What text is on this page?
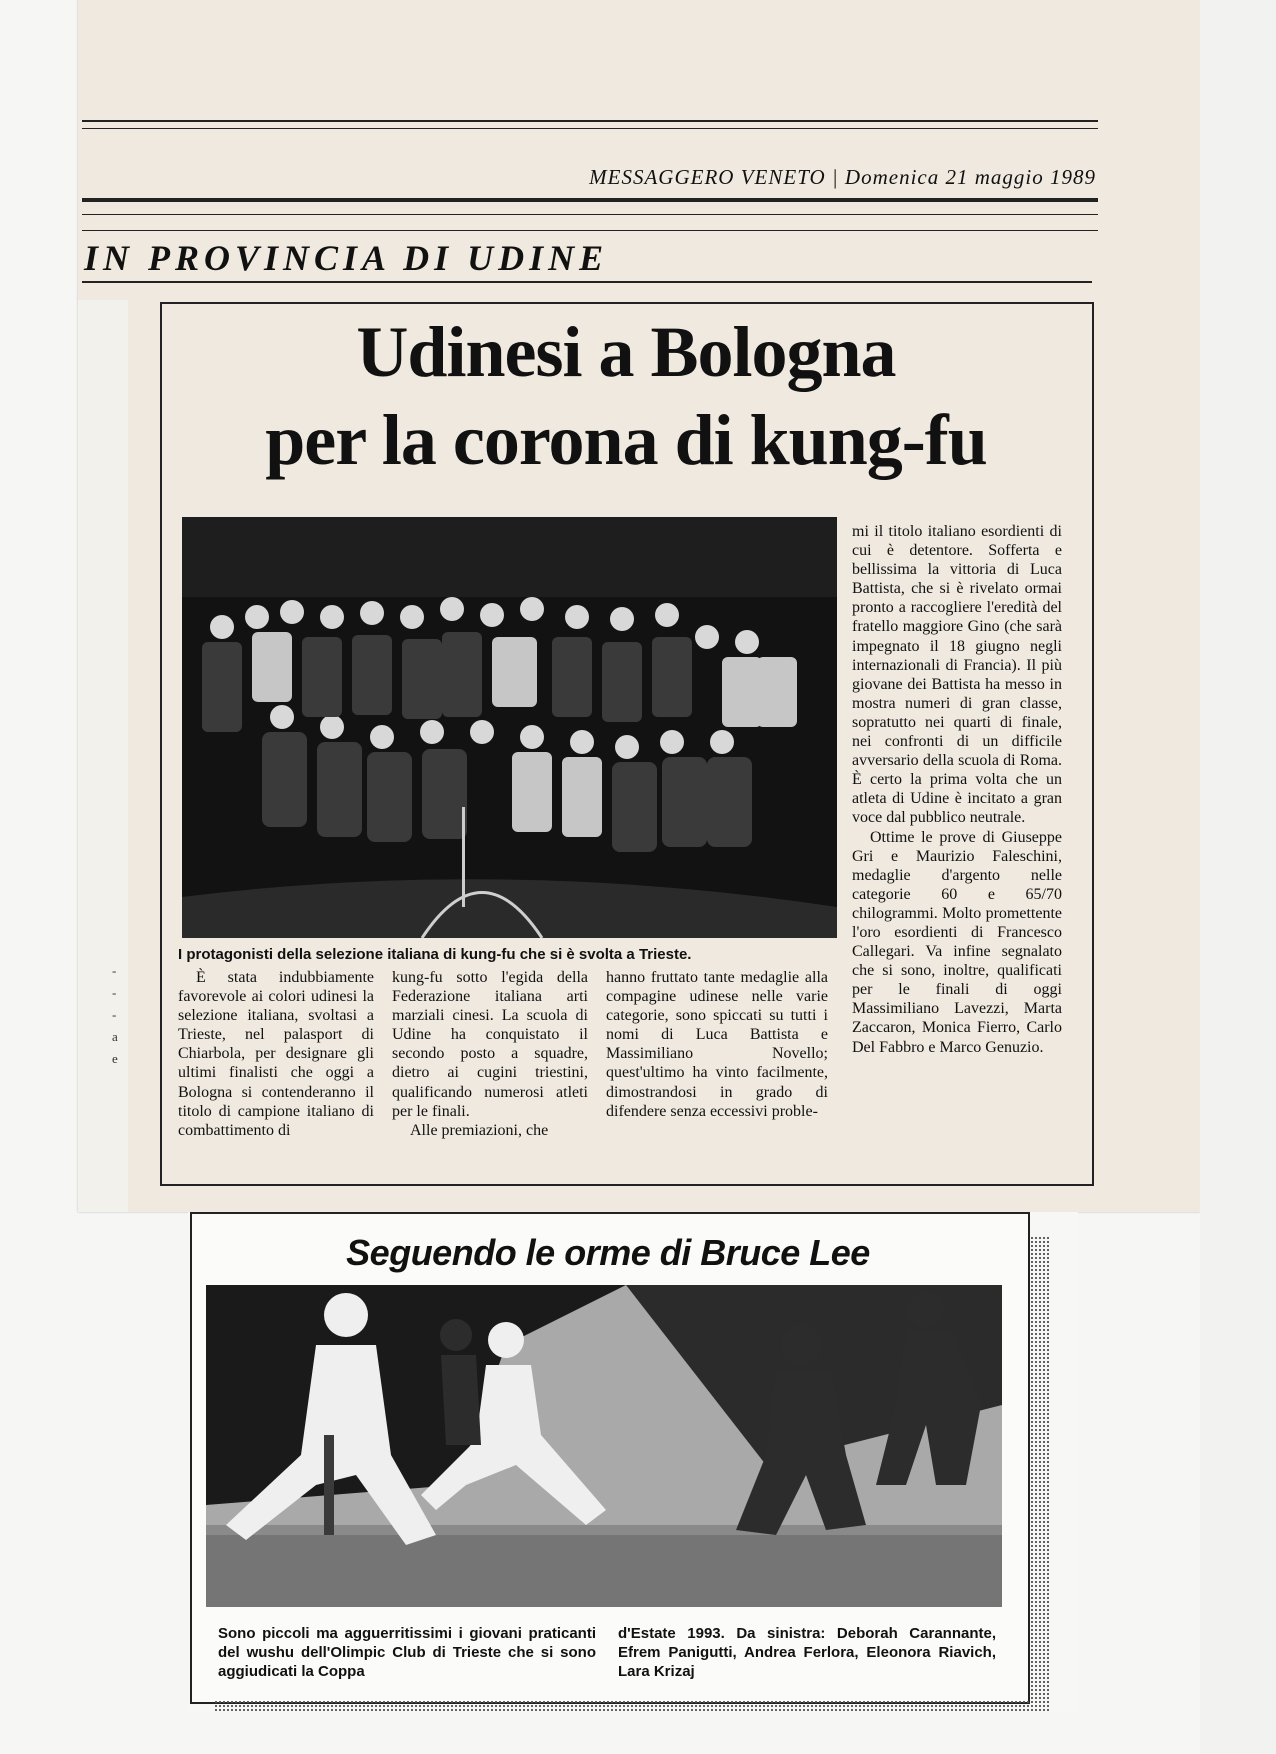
MESSAGGERO VENETO | Domenica 21 maggio 1989
IN PROVINCIA DI UDINE
Udinesi a Bologna
per la corona di kung-fu
I protagonisti della selezione italiana di kung-fu che si è svolta a Trieste.

È stata indubbiamente favorevole ai colori udinesi la selezione italiana, svoltasi a Trieste, nel palasport di Chiarbola, per designare gli ultimi finalisti che oggi a Bologna si contenderanno il titolo di campione italiano di combattimento di

kung-fu sotto l'egida della Federazione italiana arti marziali cinesi. La scuola di Udine ha conquistato il secondo posto a squadre, dietro ai cugini triestini, qualificando numerosi atleti per le finali.

Alle premiazioni, che

hanno fruttato tante medaglie alla compagine udinese nelle varie categorie, sono spiccati su tutti i nomi di Luca Battista e Massimiliano Novello; quest'ultimo ha vinto facilmente, dimostrandosi in grado di difendere senza eccessivi proble-

mi il titolo italiano esordienti di cui è detentore. Sofferta e bellissima la vittoria di Luca Battista, che si è rivelato ormai pronto a raccogliere l'eredità del fratello maggiore Gino (che sarà impegnato il 18 giugno negli internazionali di Francia). Il più giovane dei Battista ha messo in mostra numeri di gran classe, sopratutto nei quarti di finale, nei confronti di un difficile avversario della scuola di Roma. È certo la prima volta che un atleta di Udine è incitato a gran voce dal pubblico neutrale.

Ottime le prove di Giuseppe Gri e Maurizio Faleschini, medaglie d'argento nelle categorie 60 e 65/70 chilogrammi. Molto promettente l'oro esordienti di Francesco Callegari. Va infine segnalato che si sono, inoltre, qualificati per le finali di oggi Massimiliano Lavezzi, Marta Zaccaron, Monica Fierro, Carlo Del Fabbro e Marco Genuzio.

-
-
-
a
e
Seguendo le orme di Bruce Lee
Sono piccoli ma agguerritissimi i giovani praticanti del wushu dell'Olimpic Club di Trieste che si sono aggiudicati la Coppa
d'Estate 1993. Da sinistra: Deborah Carannante, Efrem Panigutti, Andrea Ferlora, Eleonora Riavich, Lara Krizaj
